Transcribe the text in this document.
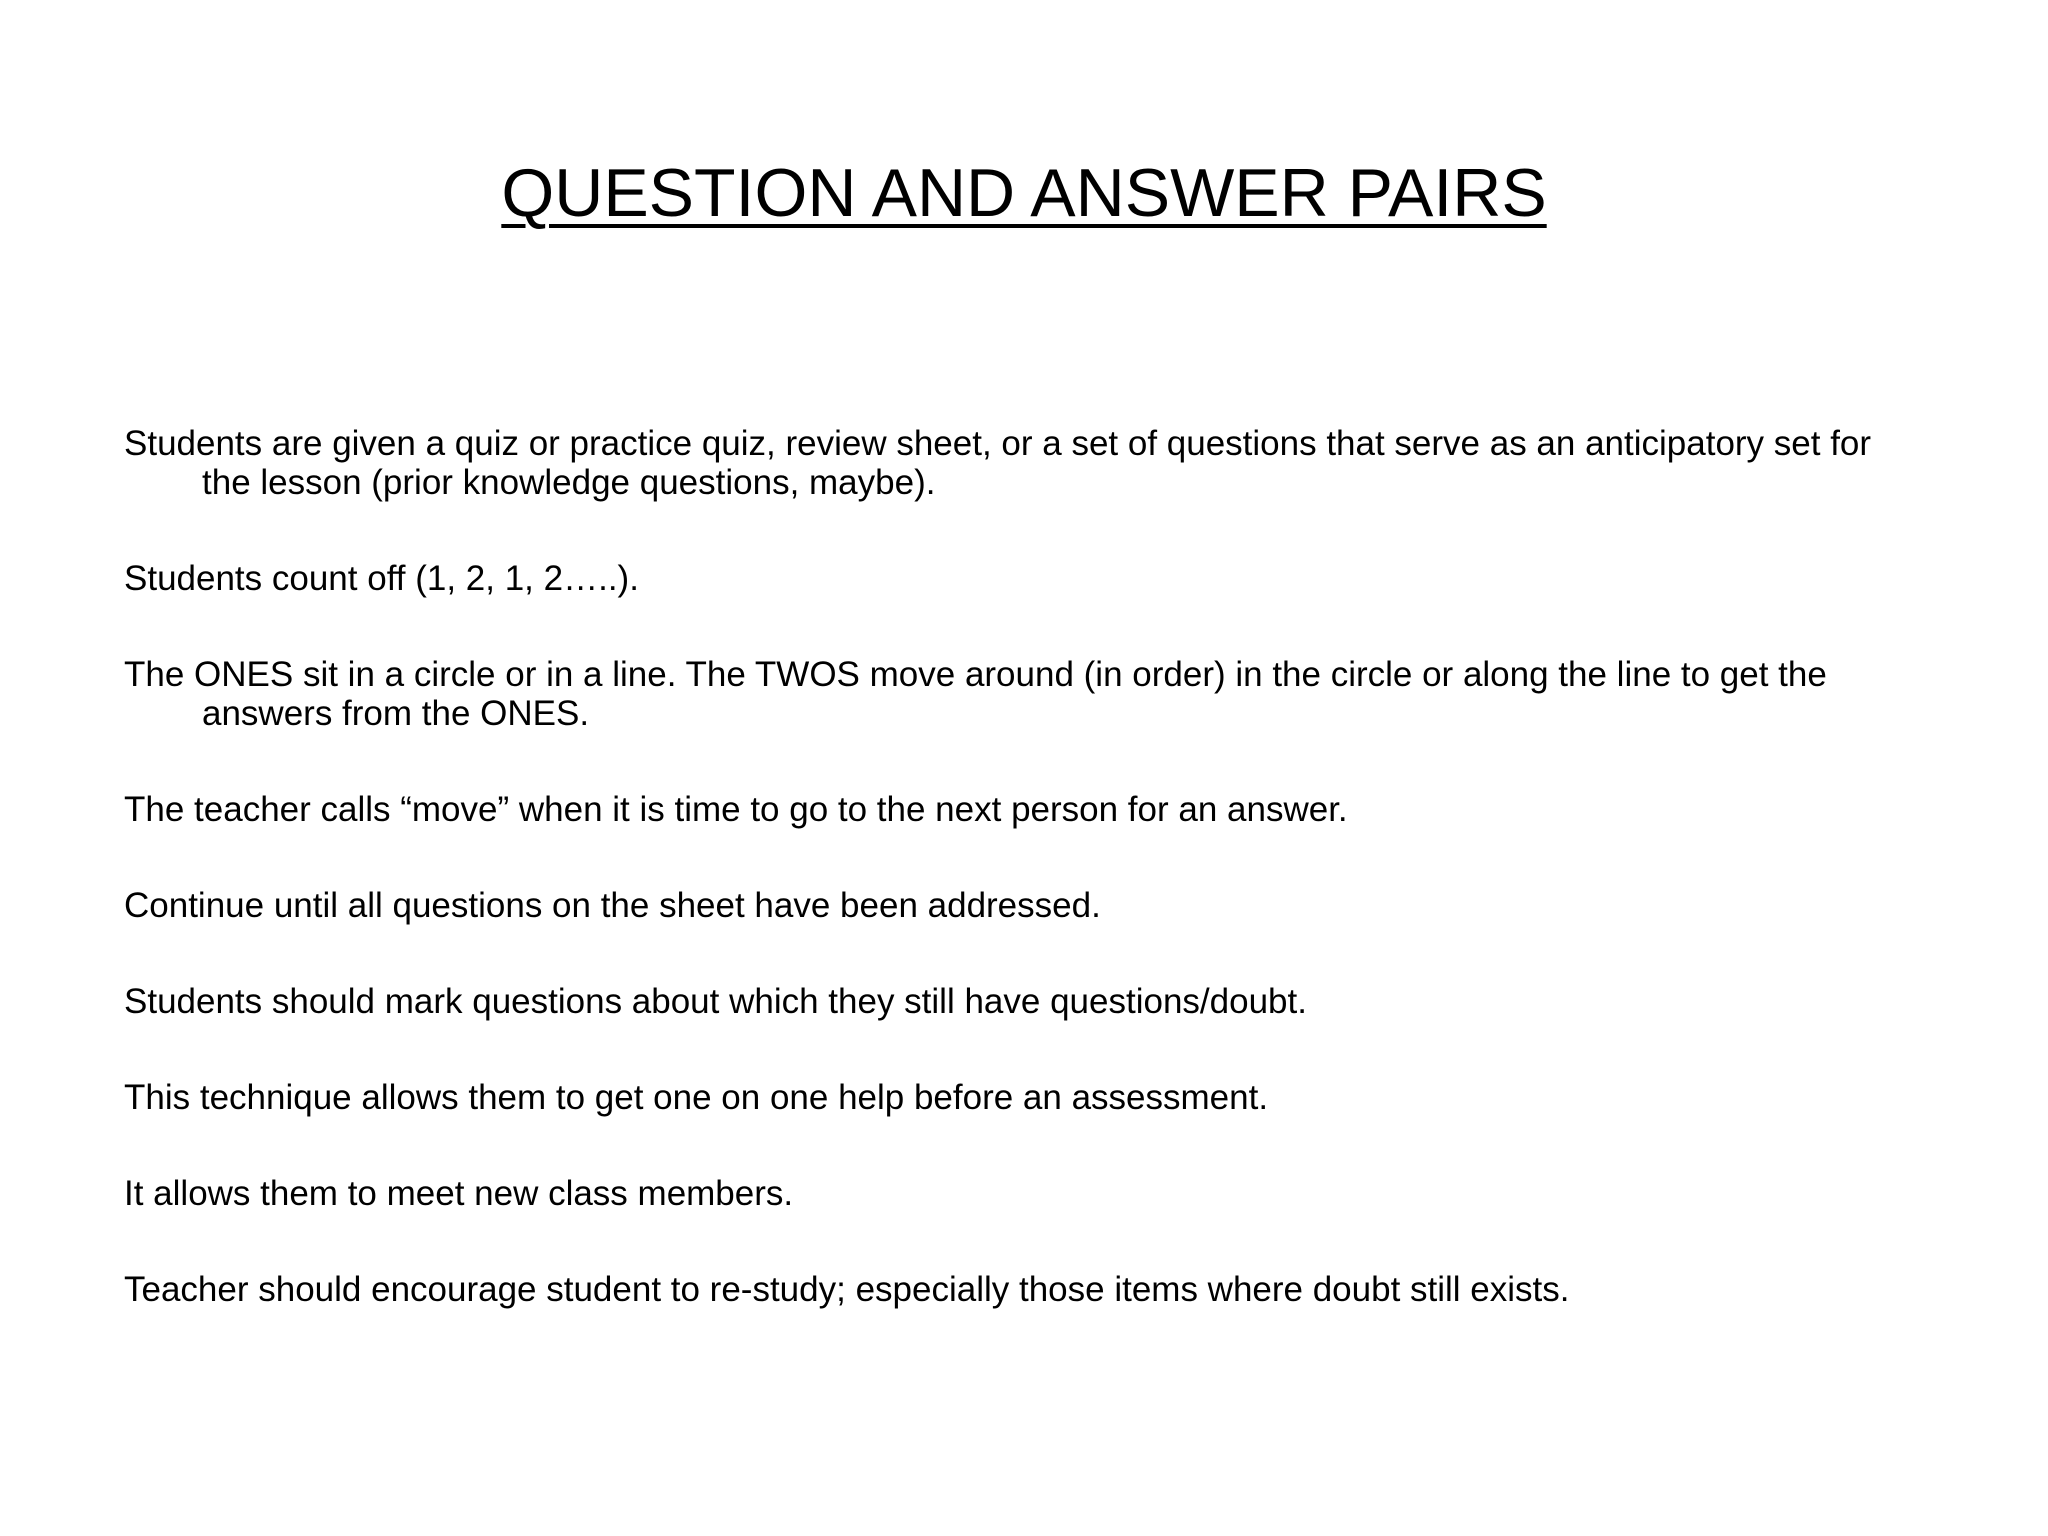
QUESTION AND ANSWER PAIRS
Students are given a quiz or practice quiz, review sheet, or a set of questions that serve as an anticipatory set for the lesson (prior knowledge questions, maybe).
Students count off (1, 2, 1, 2…..).
The ONES sit in a circle or in a line. The TWOS move around (in order) in the circle or along the line to get the answers from the ONES.
The teacher calls “move” when it is time to go to the next person for an answer.
Continue until all questions on the sheet have been addressed.
Students should mark questions about which they still have questions/doubt.
This technique allows them to get one on one help before an assessment.
It allows them to meet new class members.
Teacher should encourage student to re-study; especially those items where doubt still exists.
